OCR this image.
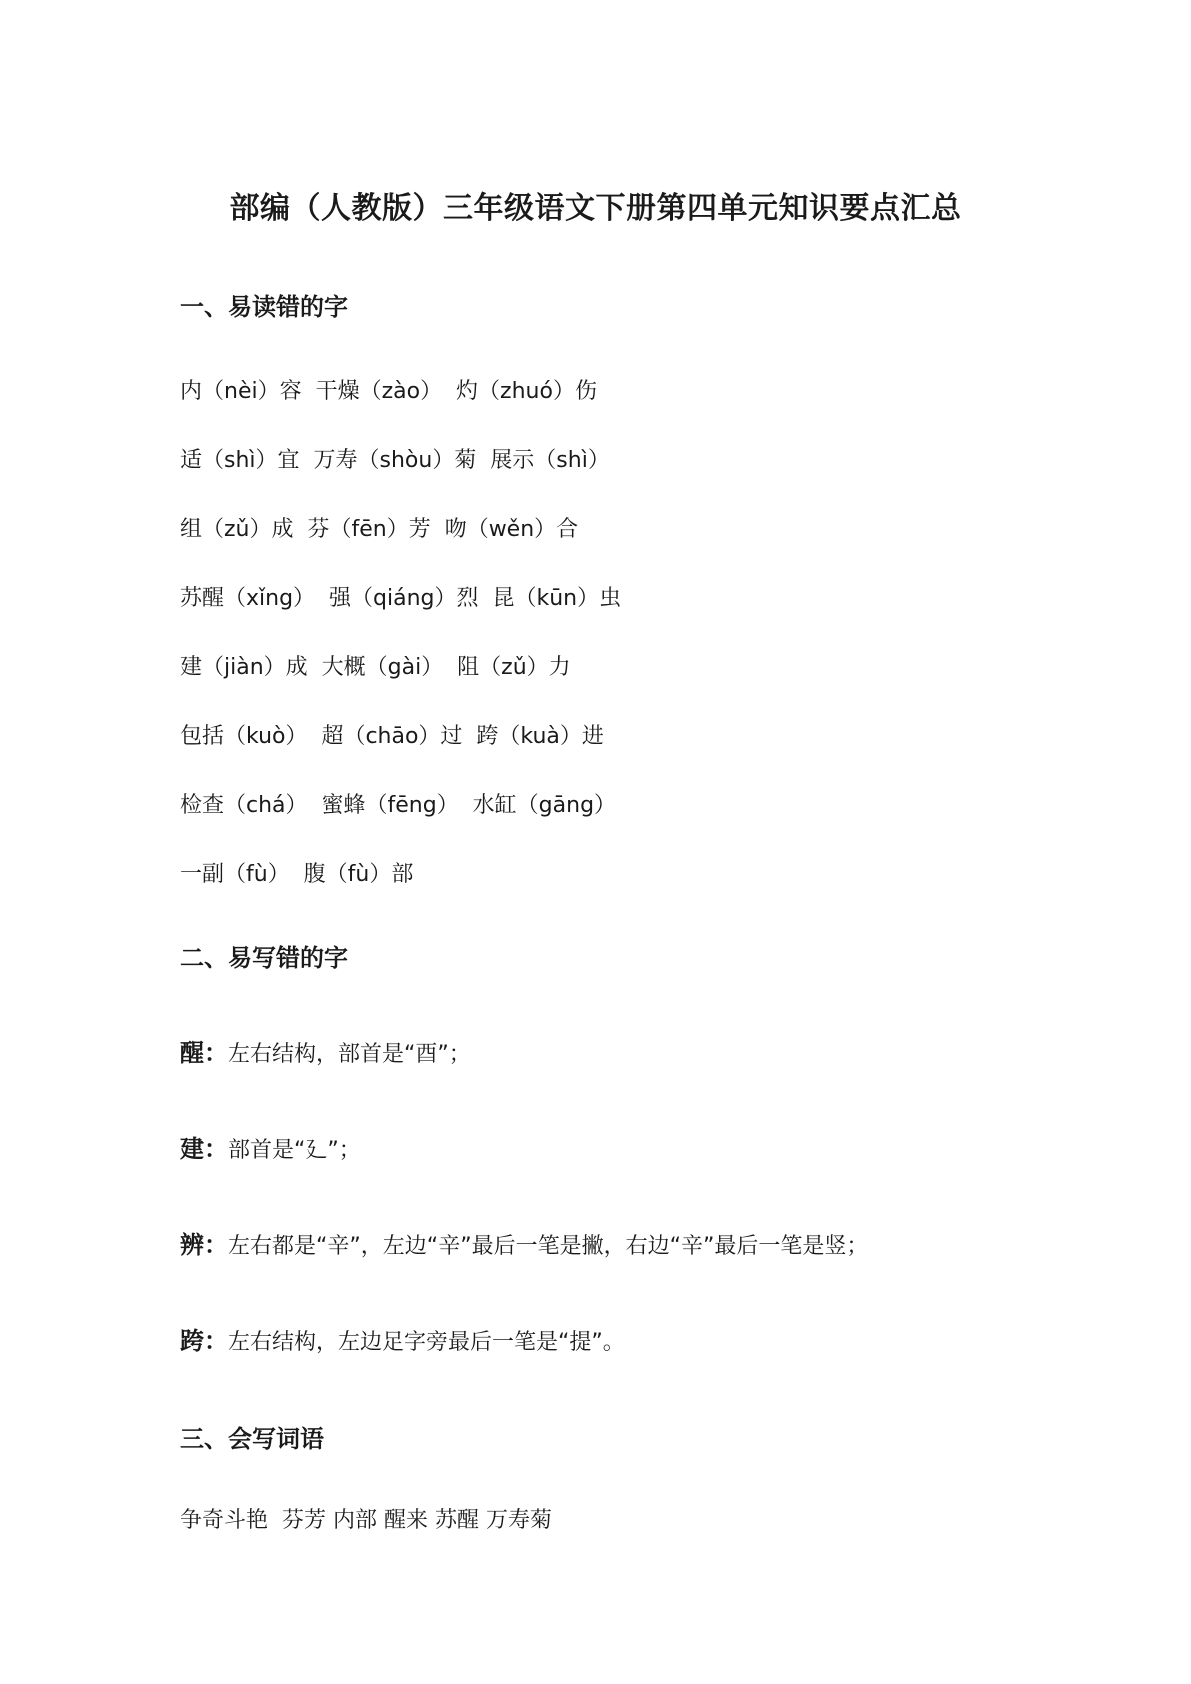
部编（人教版）三年级语文下册第四单元知识要点汇总
一、易读错的字
内（nèi）容  干燥（zào）  灼（zhuó）伤
适（shì）宜  万寿（shòu）菊  展示（shì）
组（zǔ）成  芬（fēn）芳  吻（wěn）合
苏醒（xǐng）  强（qiáng）烈  昆（kūn）虫
建（jiàn）成  大概（gài）  阻（zǔ）力
包括（kuò）  超（chāo）过  跨（kuà）进
检查（chá）  蜜蜂（fēng）  水缸（gāng）
一副（fù）  腹（fù）部
二、易写错的字
醒：左右结构，部首是“酉”；
建：部首是“廴”；
辨：左右都是“辛”，左边“辛”最后一笔是撇，右边“辛”最后一笔是竖；
跨：左右结构，左边足字旁最后一笔是“提”。
三、会写词语
争奇斗艳  芬芳 内部 醒来 苏醒 万寿菊
